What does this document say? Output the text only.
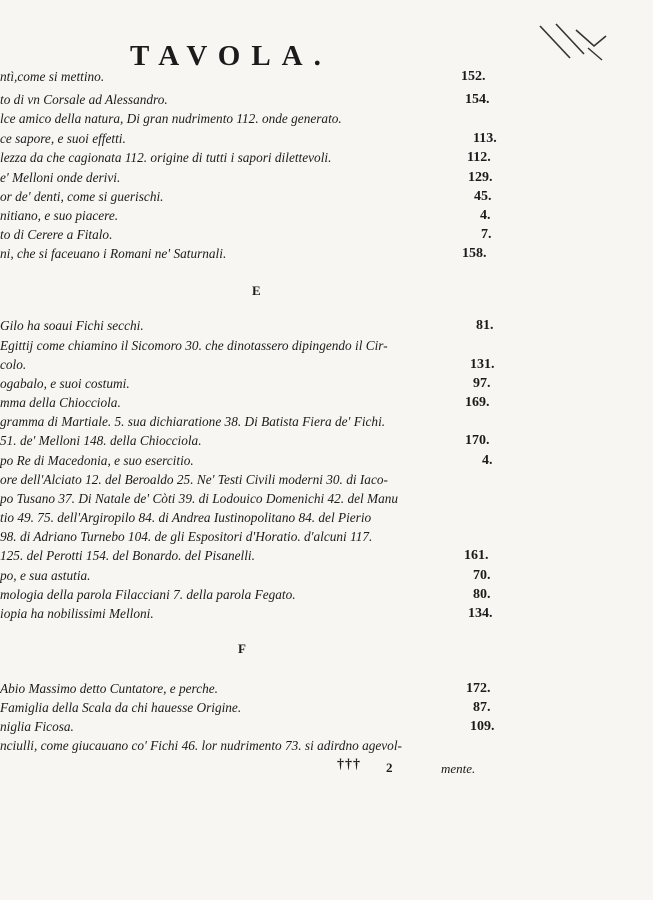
TAVOLA.
ntì,come si mettino.	152.
to di vn Corsale ad Alessandro.	154.
lce amico della natura, Di gran nudrimento 112. onde generato.
ce sapore, e suoi effetti.	113.
lezza da che cagionata 112. origine di tutti i sapori dilettevoli.	112.
e' Melloni onde derivi.	129.
or de' denti, come si guerischi.	45.
nitiano, e suo piacere.	4.
to di Cerere a Fitalo.	7.
ni, che si faceuano i Romani ne' Saturnali.	158.
E
Gilo ha soaui Fichi secchi.	81.
Egittij come chiamino il Sicomoro 30. che dinotassero dipingendo il Cir-
colo.	131.
ogabalo, e suoi costumi.	97.
mma della Chiocciola.	169.
gramma di Martiale. 5. sua dichiaratione 38. Di Batista Fiera de' Fichi.
51. de' Melloni 148. della Chiocciola.	170.
po Re di Macedonia, e suo esercitio.	4.
ore dell'Alciato 12. del Beroaldo 25. Ne' Testi Civili moderni 30. di Iaco-
po Tusano 37. Di Natale de' Còti 39. di Lodouico Domenichi 42. del Manu
tio 49. 75. dell'Argiropilo 84. di Andrea Iustinopolitano 84. del Pierio
98. di Adriano Turnebo 104. de gli Espositori d'Horatio. d'alcuni 117.
125. del Perotti 154. del Bonardo. del Pisanelli.	161.
po, e sua astutia.	70.
mologia della parola Filacciani 7. della parola Fegato.	80.
iopia ha nobilissimi Melloni.	134.
F
Abio Massimo detto Cuntatore, e perche.	172.
Famiglia della Scala da chi hauesse Origine.	87.
niglia Ficosa.	109.
nciulli, come giucauano co' Fichi 46. lor nudrimento 73. si adirdno agevol-
††† 2	mente.
